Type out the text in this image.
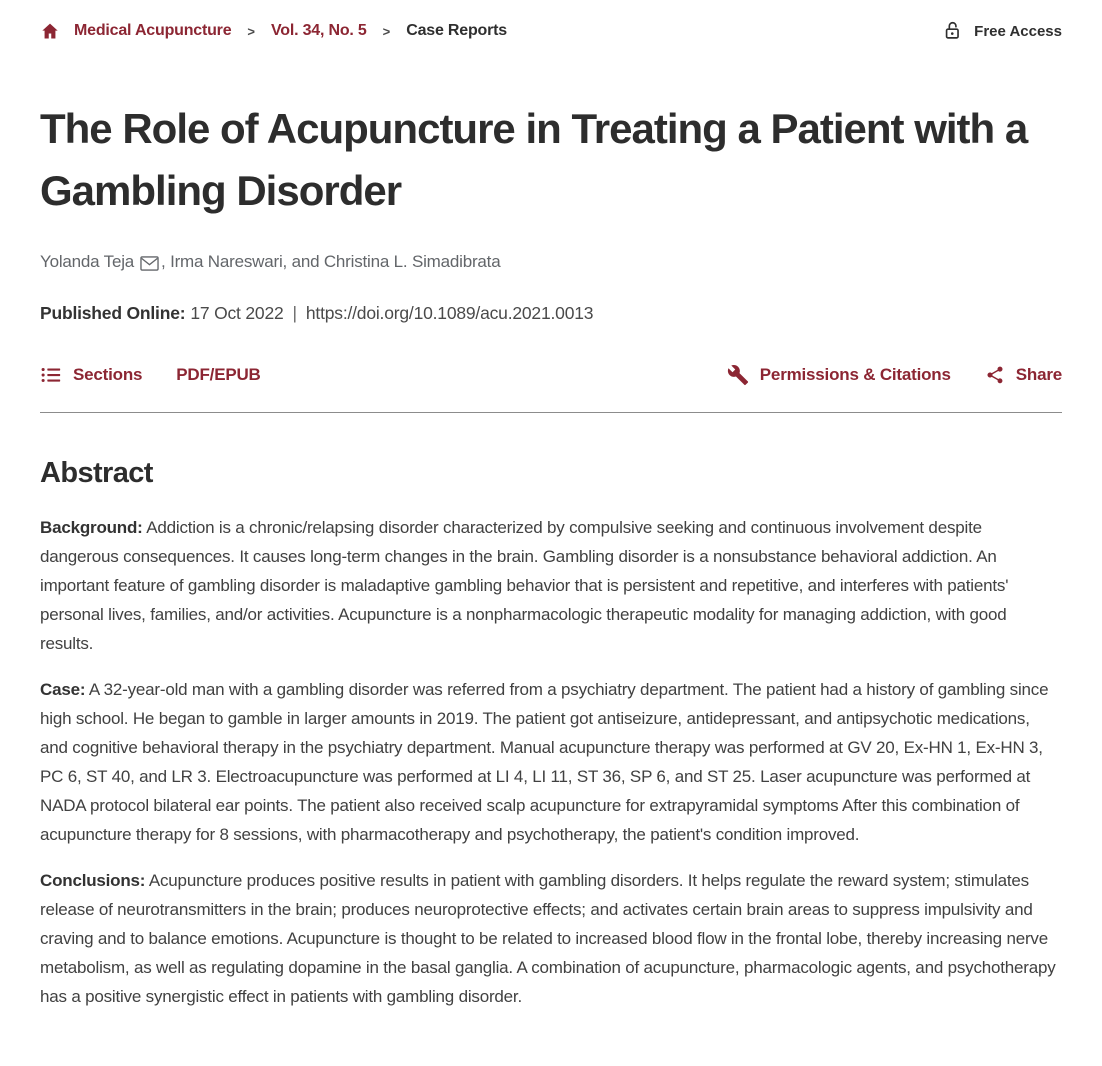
Medical Acupuncture	>	Vol. 34, No. 5	>	Case Reports	Free Access
The Role of Acupuncture in Treating a Patient with a Gambling Disorder
Yolanda Teja , Irma Nareswari, and Christina L. Simadibrata
Published Online: 17 Oct 2022 | https://doi.org/10.1089/acu.2021.0013
Sections PDF/EPUB	Permissions & Citations	Share
Abstract

Background: Addiction is a chronic/relapsing disorder characterized by compulsive seeking and continuous involvement despite dangerous consequences. It causes long-term changes in the brain. Gambling disorder is a nonsubstance behavioral addiction. An important feature of gambling disorder is maladaptive gambling behavior that is persistent and repetitive, and interferes with patients' personal lives, families, and/or activities. Acupuncture is a nonpharmacologic therapeutic modality for managing addiction, with good results.

Case: A 32-year-old man with a gambling disorder was referred from a psychiatry department. The patient had a history of gambling since high school. He began to gamble in larger amounts in 2019. The patient got antiseizure, antidepressant, and antipsychotic medications, and cognitive behavioral therapy in the psychiatry department. Manual acupuncture therapy was performed at GV 20, Ex-HN 1, Ex-HN 3, PC 6, ST 40, and LR 3. Electroacupuncture was performed at LI 4, LI 11, ST 36, SP 6, and ST 25. Laser acupuncture was performed at NADA protocol bilateral ear points. The patient also received scalp acupuncture for extrapyramidal symptoms After this combination of acupuncture therapy for 8 sessions, with pharmacotherapy and psychotherapy, the patient's condition improved.

Conclusions: Acupuncture produces positive results in patient with gambling disorders. It helps regulate the reward system; stimulates release of neurotransmitters in the brain; produces neuroprotective effects; and activates certain brain areas to suppress impulsivity and craving and to balance emotions. Acupuncture is thought to be related to increased blood flow in the frontal lobe, thereby increasing nerve metabolism, as well as regulating dopamine in the basal ganglia. A combination of acupuncture, pharmacologic agents, and psychotherapy has a positive synergistic effect in patients with gambling disorder.
